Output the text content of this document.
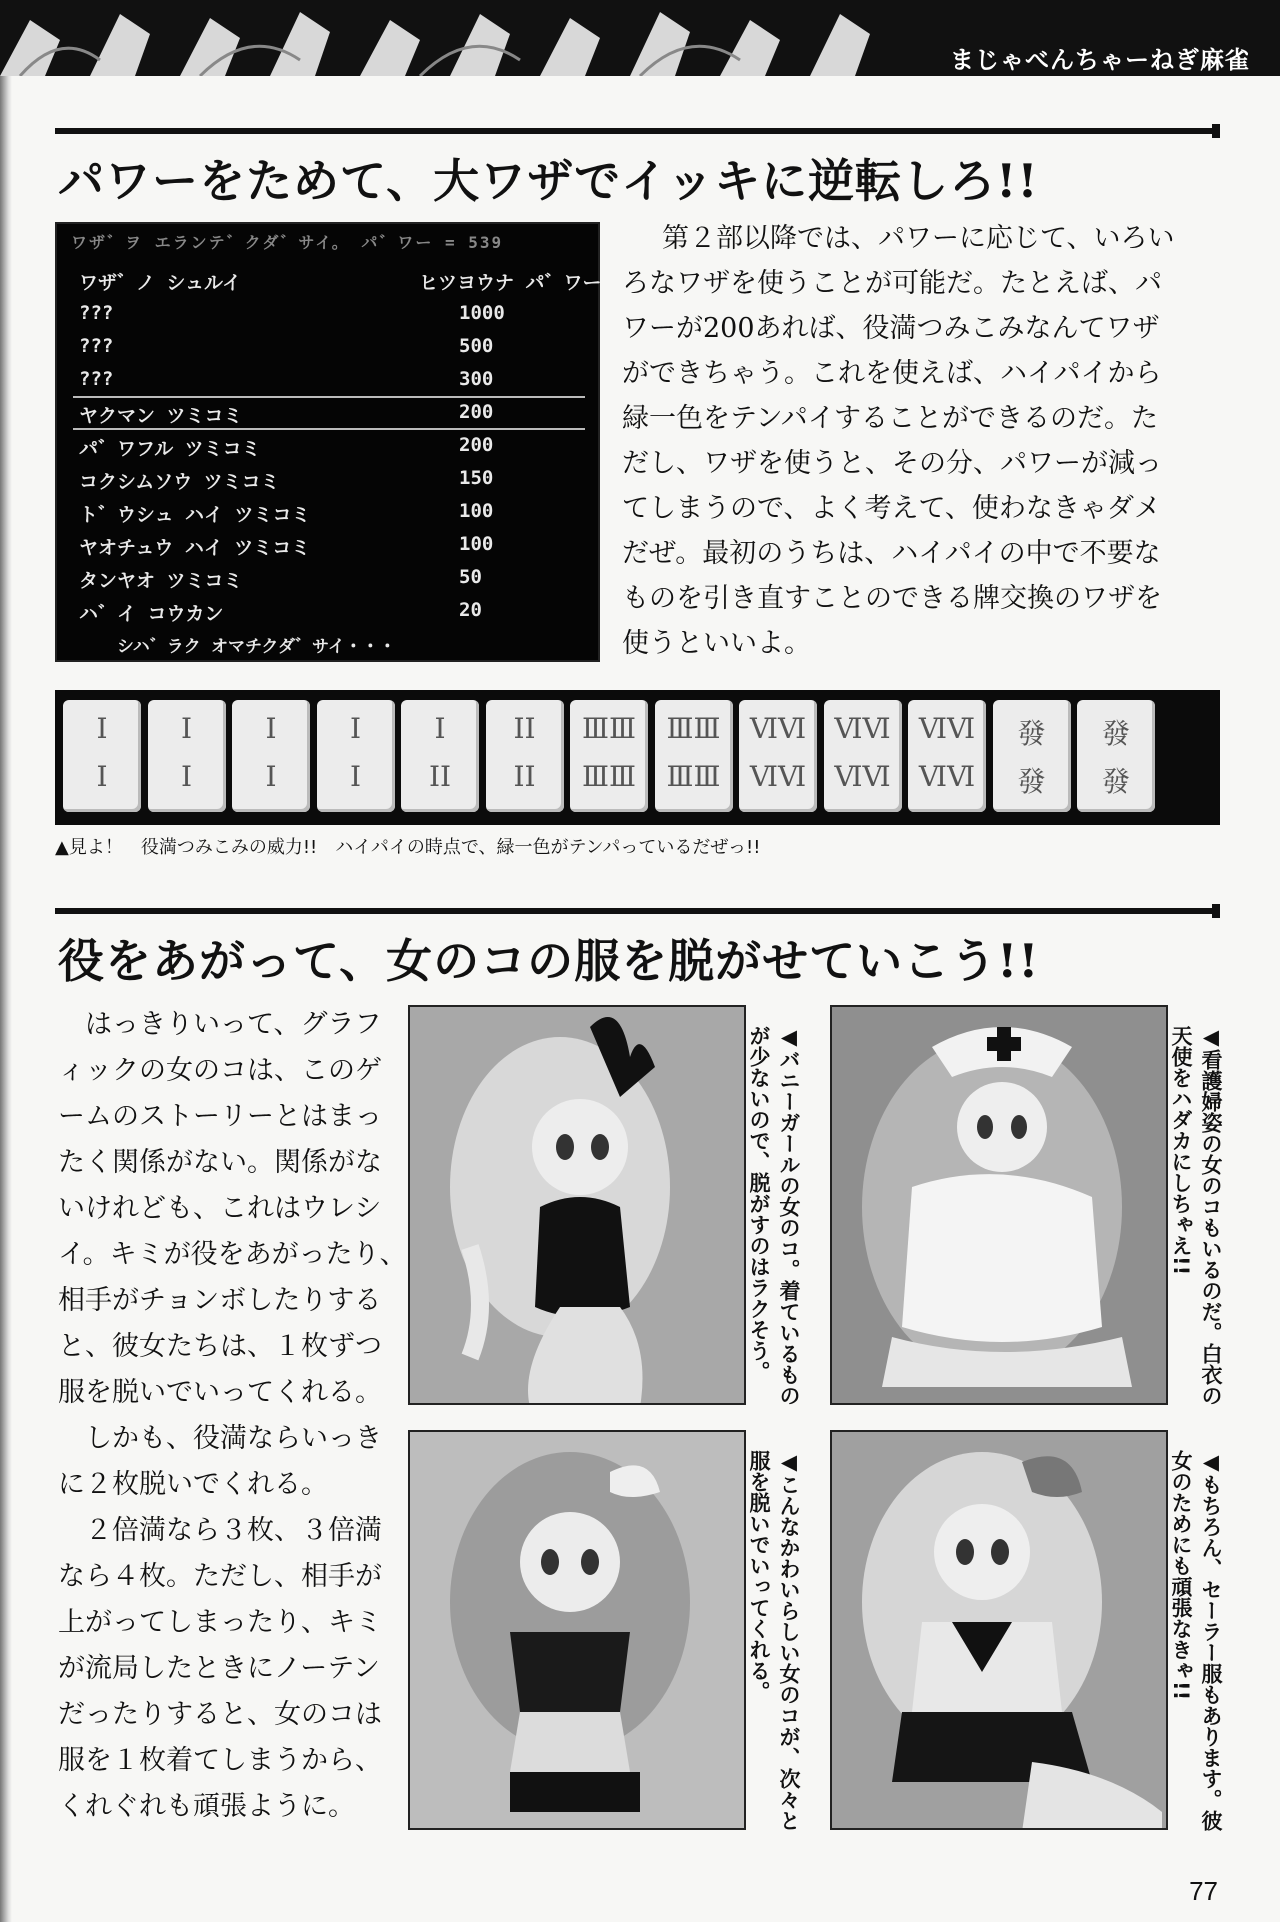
まじゃべんちゃーねぎ麻雀
パワーをためて、大ワザでイッキに逆転しろ!!
ワザ゛ヲ エランテ゛クダ゛サイ。 パ゛ワー = 539
ワザ゛ノ シュルイ	ヒツヨウナ パ゛ワー
???	1000
???	500
???	300
ヤクマン ツミコミ	200
パ゛ワフル ツミコミ	200
コクシムソウ ツミコミ	150
ト゛ウシュ ハイ ツミコミ	100
ヤオチュウ ハイ ツミコミ	100
タンヤオ ツミコミ	50
ハ゛イ コウカン	20
シハ゛ラク オマチクダ゛サイ・・・
第２部以降では、パワーに応じて、いろい
ろなワザを使うことが可能だ。たとえば、パ
ワーが200あれば、役満つみこみなんてワザ
ができちゃう。これを使えば、ハイパイから
緑一色をテンパイすることができるのだ。た
だし、ワザを使うと、その分、パワーが減っ
てしまうので、よく考えて、使わなきゃダメ
だぜ。最初のうちは、ハイパイの中で不要な
ものを引き直すことのできる牌交換のワザを
使うといいよ。
Ⅰ
Ⅰ
Ⅰ
Ⅰ
Ⅰ
Ⅰ
Ⅰ
Ⅰ
Ⅰ
ⅠⅠ
ⅠⅠ
ⅠⅠ
ⅢⅢ
ⅢⅢ
ⅢⅢ
ⅢⅢ
ⅥⅥ
ⅥⅥ
ⅥⅥ
ⅥⅥ
ⅥⅥ
ⅥⅥ
發
發
發
發
▲見よ！　役満つみこみの威力!!　ハイパイの時点で、緑一色がテンパっているだぜっ!!
役をあがって、女のコの服を脱がせていこう!!
　はっきりいって、グラフ
ィックの女のコは、このゲ
ームのストーリーとはまっ
たく関係がない。関係がな
いけれども、これはウレシ
イ。キミが役をあがったり、
相手がチョンボしたりする
と、彼女たちは、１枚ずつ
服を脱いでいってくれる。
　しかも、役満ならいっき
に２枚脱いでくれる。
　２倍満なら３枚、３倍満
なら４枚。ただし、相手が
上がってしまったり、キミ
が流局したときにノーテン
だったりすると、女のコは
服を１枚着てしまうから、
くれぐれも頑張ように。
◀バニーガールの女のコ。着ているもの
が少ないので、脱がすのはラクそう。	◀看護婦姿の女のコもいるのだ。白衣の
天使をハダカにしちゃえ!!
◀こんなかわいらしい女のコが、次々と
服を脱いでいってくれる。	◀もちろん、セーラー服もあります。彼
女のためにも頑張なきゃ!!
77
